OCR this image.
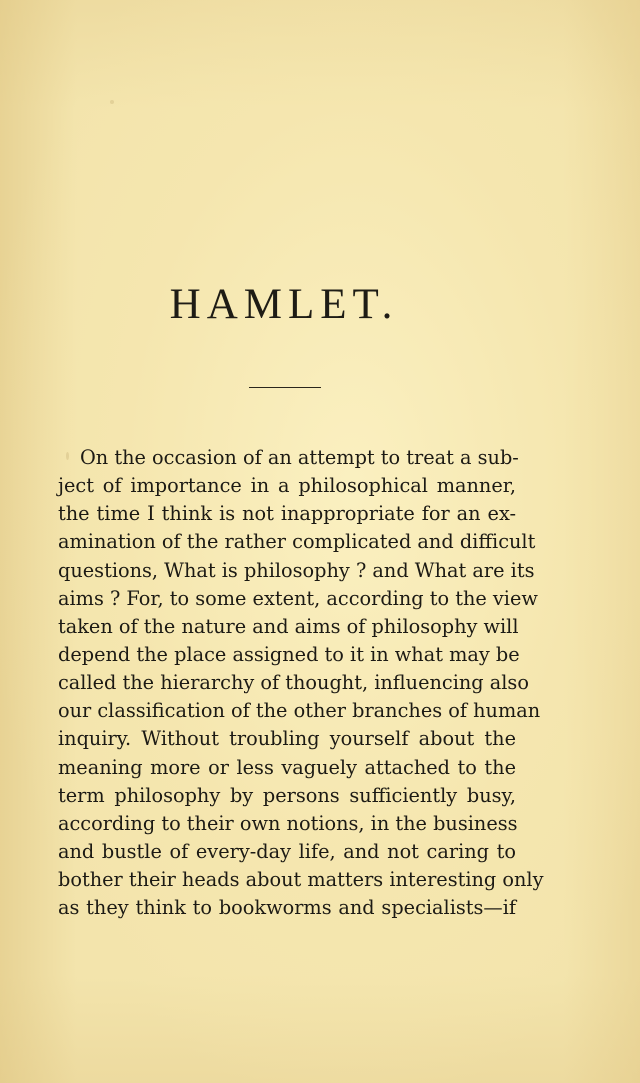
HAMLET.
On the occasion of an attempt to treat a sub-
ject of importance in a philosophical manner,
the time I think is not inappropriate for an ex-
amination of the rather complicated and difficult
questions, What is philosophy ? and What are its
aims ? For, to some extent, according to the view
taken of the nature and aims of philosophy will
depend the place assigned to it in what may be
called the hierarchy of thought, influencing also
our classification of the other branches of human
inquiry. Without troubling yourself about the
meaning more or less vaguely attached to the
term philosophy by persons sufficiently busy,
according to their own notions, in the business
and bustle of every-day life, and not caring to
bother their heads about matters interesting only
as they think to bookworms and specialists—if
